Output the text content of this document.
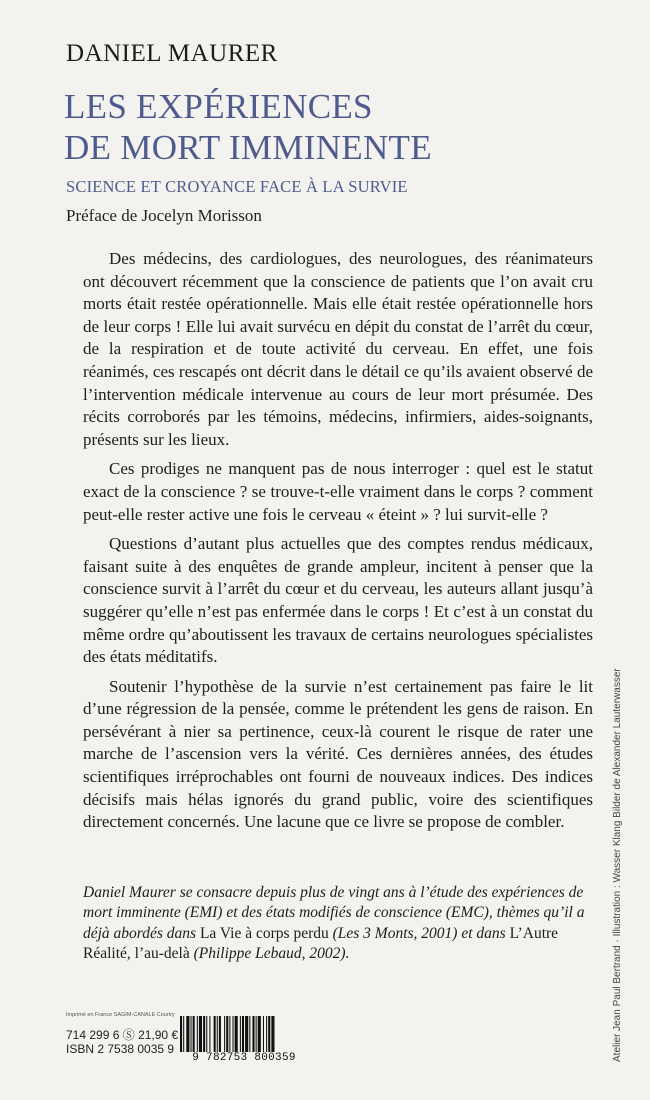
DANIEL MAURER
LES EXPÉRIENCES
DE MORT IMMINENTE
SCIENCE ET CROYANCE FACE À LA SURVIE
Préface de Jocelyn Morisson

Des médecins, des cardiologues, des neurologues, des réanimateurs ont découvert récemment que la conscience de patients que l’on avait cru morts était restée opérationnelle. Mais elle était restée opérationnelle hors de leur corps ! Elle lui avait survécu en dépit du constat de l’arrêt du cœur, de la respiration et de toute activité du cerveau. En effet, une fois réanimés, ces rescapés ont décrit dans le détail ce qu’ils avaient observé de l’intervention médicale intervenue au cours de leur mort présumée. Des récits corroborés par les témoins, médecins, infirmiers, aides-soignants, présents sur les lieux.

Ces prodiges ne manquent pas de nous interroger : quel est le statut exact de la conscience ? se trouve-t-elle vraiment dans le corps ? comment peut-elle rester active une fois le cerveau « éteint » ? lui survit-elle ?

Questions d’autant plus actuelles que des comptes rendus médicaux, faisant suite à des enquêtes de grande ampleur, incitent à penser que la conscience survit à l’arrêt du cœur et du cerveau, les auteurs allant jusqu’à suggérer qu’elle n’est pas enfermée dans le corps ! Et c’est à un constat du même ordre qu’aboutissent les travaux de certains neurologues spécialistes des états méditatifs.

Soutenir l’hypothèse de la survie n’est certainement pas faire le lit d’une régression de la pensée, comme le prétendent les gens de raison. En persévérant à nier sa pertinence, ceux-là courent le risque de rater une marche de l’ascension vers la vérité. Ces dernières années, des études scientifiques irréprochables ont fourni de nouveaux indices. Des indices décisifs mais hélas ignorés du grand public, voire des scientifiques directement concernés. Une lacune que ce livre se propose de combler.

Daniel Maurer se consacre depuis plus de vingt ans à l’étude des expériences de mort imminente (EMI) et des états modifiés de conscience (EMC), thèmes qu’il a déjà abordés dans La Vie à corps perdu (Les 3 Monts, 2001) et dans L’Autre Réalité, l’au-delà (Philippe Lebaud, 2002).	Atelier Jean Paul Bertrand · Illustration : Wasser Klang Bilder de Alexander Lauterwasser
Imprimé en France SAGIM-CANALE Courtry
714 299 6 Ⓢ 21,90 €
ISBN 2 7538 0035 9
9 782753 800359
